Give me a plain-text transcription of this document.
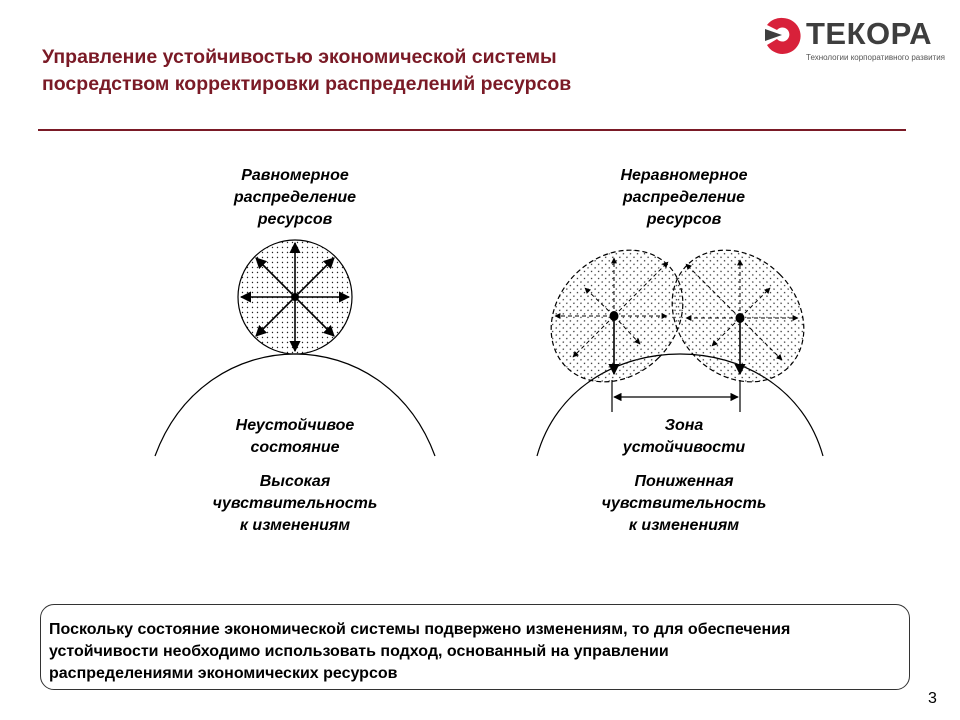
Управление устойчивостью экономической системы
посредством корректировки распределений ресурсов
ТЕКОРА
Технологии корпоративного развития
Равномерное
распределение
ресурсов
Неустойчивое
состояние
Высокая
чувствительность
к изменениям
Неравномерное
распределение
ресурсов
Зона
устойчивости
Пониженная
чувствительность
к изменениям
Поскольку состояние экономической системы подвержено изменениям, то для обеспечения
устойчивости необходимо использовать подход, основанный на управлении
распределениями экономических ресурсов
3
